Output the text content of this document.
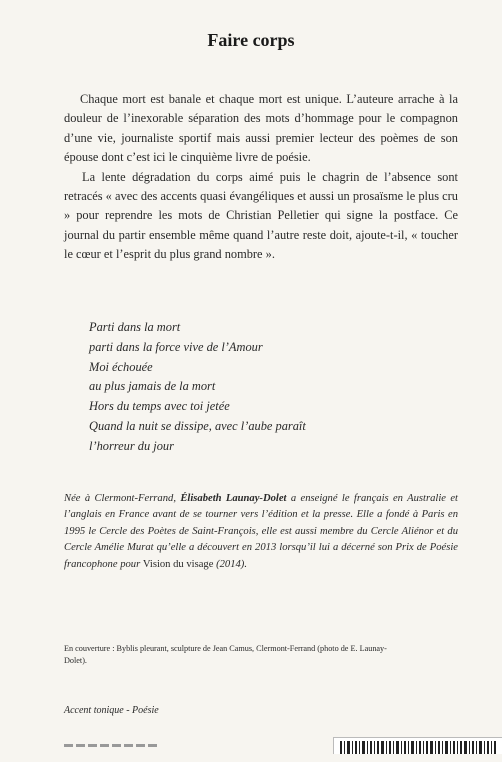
Faire corps

Chaque mort est banale et chaque mort est unique. L’auteure arrache à la douleur de l’inexorable séparation des mots d’hommage pour le compagnon d’une vie, journaliste sportif mais aussi premier lecteur des poèmes de son épouse dont c’est ici le cinquième livre de poésie.

La lente dégradation du corps aimé puis le chagrin de l’absence sont retracés « avec des accents quasi évangéliques et aussi un prosaïsme le plus cru » pour reprendre les mots de Christian Pelletier qui signe la postface. Ce journal du partir ensemble même quand l’autre reste doit, ajoute-t-il, « toucher le cœur et l’esprit du plus grand nombre ».

Parti dans la mort
parti dans la force vive de l’Amour
Moi échouée
au plus jamais de la mort
Hors du temps avec toi jetée
Quand la nuit se dissipe, avec l’aube paraît
l’horreur du jour
Née à Clermont-Ferrand, Élisabeth Launay-Dolet a enseigné le français en Australie et l’anglais en France avant de se tourner vers l’édition et la presse. Elle a fondé à Paris en 1995 le Cercle des Poètes de Saint-François, elle est aussi membre du Cercle Aliénor et du Cercle Amélie Murat qu’elle a découvert en 2013 lorsqu’il lui a décerné son Prix de Poésie francophone pour Vision du visage (2014).
En couverture : Byblis pleurant, sculpture de Jean Camus, Clermont-Ferrand (photo de E. Launay-Dolet).
Accent tonique - Poésie
